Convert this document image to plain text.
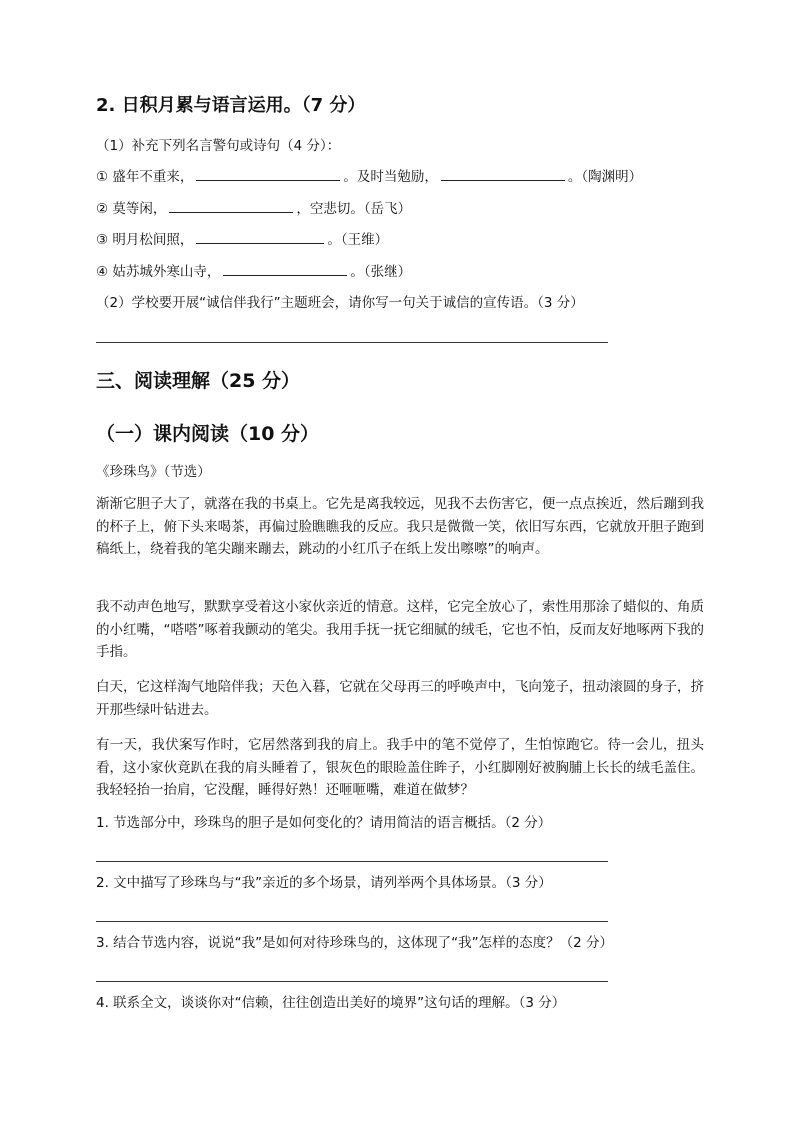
2. 日积月累与语言运用。（7 分）
（1）补充下列名言警句或诗句（4 分）：
① 盛年不重来，	。及时当勉励，	。（陶渊明）
② 莫等闲，	，空悲切。（岳飞）
③ 明月松间照，	。（王维）
④ 姑苏城外寒山寺，	。（张继）
（2）学校要开展“诚信伴我行”主题班会，请你写一句关于诚信的宣传语。（3 分）
三、阅读理解（25 分）
（一）课内阅读（10 分）
《珍珠鸟》（节选）
渐渐它胆子大了，就落在我的书桌上。它先是离我较远，见我不去伤害它，便一点点挨近，然后蹦到我的杯子上，俯下头来喝茶，再偏过脸瞧瞧我的反应。我只是微微一笑，依旧写东西，它就放开胆子跑到稿纸上，绕着我的笔尖蹦来蹦去，跳动的小红爪子在纸上发出嚓嚓”的响声。
我不动声色地写，默默享受着这小家伙亲近的情意。这样，它完全放心了，索性用那涂了蜡似的、角质的小红嘴，“嗒嗒”啄着我颤动的笔尖。我用手抚一抚它细腻的绒毛，它也不怕，反而友好地啄两下我的手指。
白天，它这样淘气地陪伴我；天色入暮，它就在父母再三的呼唤声中，飞向笼子，扭动滚圆的身子，挤开那些绿叶钻进去。
有一天，我伏案写作时，它居然落到我的肩上。我手中的笔不觉停了，生怕惊跑它。待一会儿，扭头看，这小家伙竟趴在我的肩头睡着了，银灰色的眼睑盖住眸子，小红脚刚好被胸脯上长长的绒毛盖住。我轻轻抬一抬肩，它没醒，睡得好熟！还咂咂嘴，难道在做梦？
1. 节选部分中，珍珠鸟的胆子是如何变化的？请用简洁的语言概括。（2 分）
2. 文中描写了珍珠鸟与“我”亲近的多个场景，请列举两个具体场景。（3 分）
3. 结合节选内容，说说“我”是如何对待珍珠鸟的，这体现了“我”怎样的态度？（2 分）
4. 联系全文，谈谈你对“信赖，往往创造出美好的境界”这句话的理解。（3 分）
